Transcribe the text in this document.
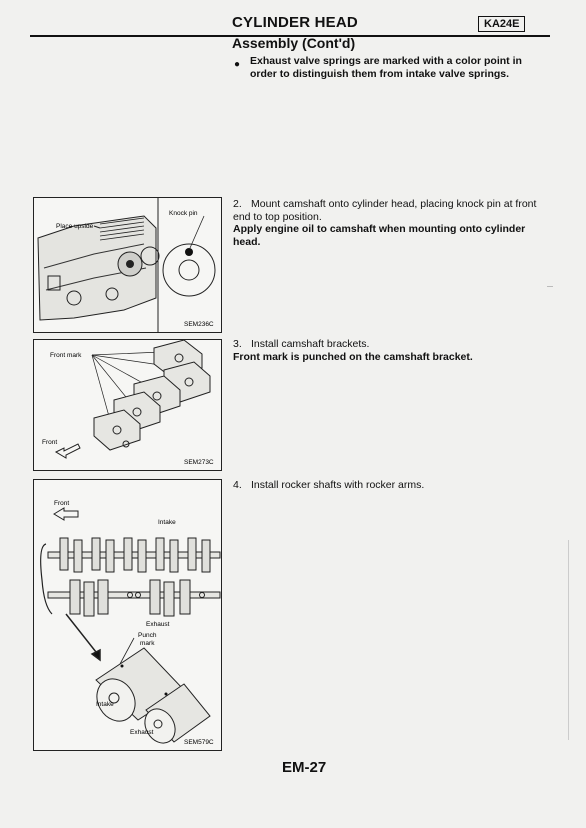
CYLINDER HEAD	KA24E
Assembly (Cont'd)
● Exhaust valve springs are marked with a color point in order to distinguish them from intake valve springs.
2. Mount camshaft onto cylinder head, placing knock pin at front end to top position.
Apply engine oil to camshaft when mounting onto cylinder head.
3. Install camshaft brackets.
Front mark is punched on the camshaft bracket.
4. Install rocker shafts with rocker arms.
Place upside
Knock pin
SEM236C
Front mark
Front
SEM273C
Front
Intake
Exhaust
Punch
mark
Intake
Exhaust
SEM579C
EM-27
